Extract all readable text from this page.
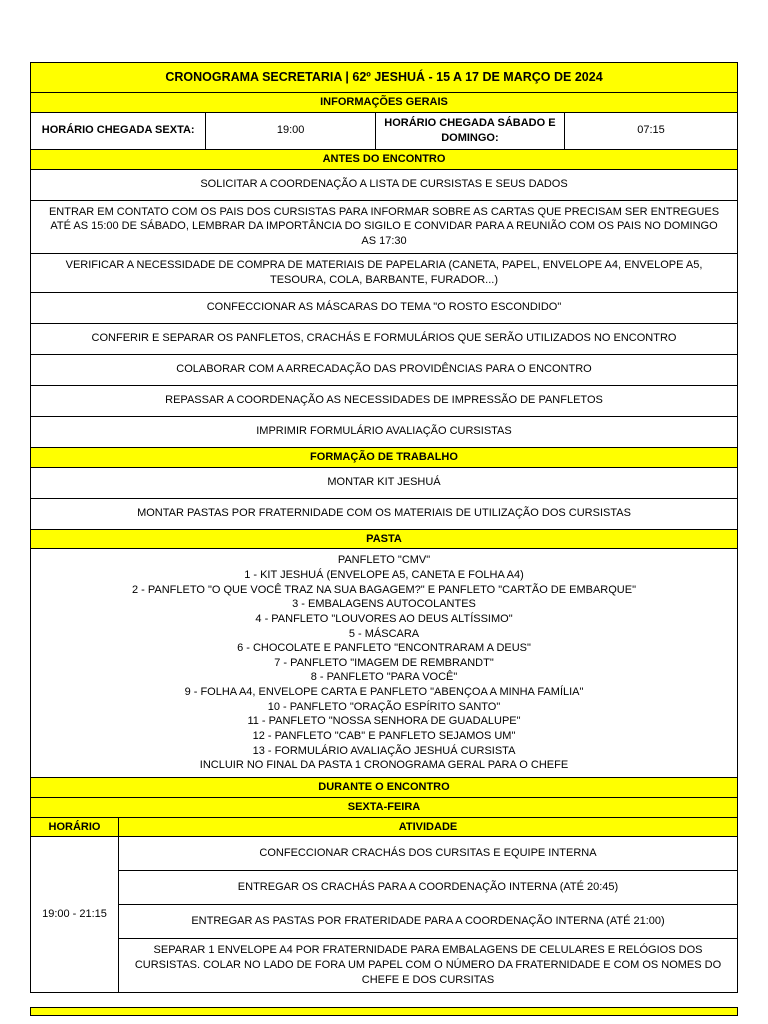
CRONOGRAMA SECRETARIA | 62º JESHUÁ - 15 A 17 DE MARÇO DE 2024
INFORMAÇÕES GERAIS
HORÁRIO CHEGADA SEXTA:	19:00
HORÁRIO CHEGADA SÁBADO E DOMINGO:
07:15
ANTES DO ENCONTRO
SOLICITAR A COORDENAÇÃO A LISTA DE CURSISTAS E SEUS DADOS
ENTRAR EM CONTATO COM OS PAIS DOS CURSISTAS PARA INFORMAR SOBRE AS CARTAS QUE PRECISAM SER ENTREGUES ATÉ AS 15:00 DE SÁBADO, LEMBRAR DA IMPORTÂNCIA DO SIGILO E CONVIDAR PARA A REUNIÃO COM OS PAIS NO DOMINGO AS 17:30
VERIFICAR A NECESSIDADE DE COMPRA DE MATERIAIS DE PAPELARIA (CANETA, PAPEL, ENVELOPE A4, ENVELOPE A5, TESOURA, COLA, BARBANTE, FURADOR...)
CONFECCIONAR AS MÁSCARAS DO TEMA "O ROSTO ESCONDIDO"
CONFERIR E SEPARAR OS PANFLETOS, CRACHÁS E FORMULÁRIOS QUE SERÃO UTILIZADOS NO ENCONTRO
COLABORAR COM A ARRECADAÇÃO DAS PROVIDÊNCIAS PARA O ENCONTRO
REPASSAR A COORDENAÇÃO AS NECESSIDADES DE IMPRESSÃO DE PANFLETOS
IMPRIMIR FORMULÁRIO AVALIAÇÃO CURSISTAS
FORMAÇÃO DE TRABALHO
MONTAR KIT JESHUÁ
MONTAR PASTAS POR FRATERNIDADE COM OS MATERIAIS DE UTILIZAÇÃO DOS CURSISTAS
PASTA
PANFLETO "CMV"
1 - KIT JESHUÁ (ENVELOPE A5, CANETA E FOLHA A4)
2 - PANFLETO "O QUE VOCÊ TRAZ NA SUA BAGAGEM?" E PANFLETO "CARTÃO DE EMBARQUE"
3 - EMBALAGENS AUTOCOLANTES
4 - PANFLETO "LOUVORES AO DEUS ALTÍSSIMO"
5 - MÁSCARA
6 - CHOCOLATE E PANFLETO "ENCONTRARAM A DEUS"
7 - PANFLETO "IMAGEM DE REMBRANDT"
8 - PANFLETO "PARA VOCÊ"
9 - FOLHA A4, ENVELOPE CARTA E PANFLETO "ABENÇOA A MINHA FAMÍLIA"
10 - PANFLETO "ORAÇÃO ESPÍRITO SANTO"
11 - PANFLETO "NOSSA SENHORA DE GUADALUPE"
12 - PANFLETO "CAB" E PANFLETO SEJAMOS UM"
13 - FORMULÁRIO AVALIAÇÃO JESHUÁ CURSISTA
INCLUIR NO FINAL DA PASTA 1 CRONOGRAMA GERAL PARA O CHEFE
DURANTE O ENCONTRO
SEXTA-FEIRA
HORÁRIO	ATIVIDADE
19:00 - 21:15
CONFECCIONAR CRACHÁS DOS CURSITAS E EQUIPE INTERNA
ENTREGAR OS CRACHÁS PARA A COORDENAÇÃO INTERNA (ATÉ 20:45)
ENTREGAR AS PASTAS POR FRATERIDADE PARA A COORDENAÇÃO INTERNA (ATÉ 21:00)
SEPARAR 1 ENVELOPE A4 POR FRATERNIDADE PARA EMBALAGENS DE CELULARES E RELÓGIOS DOS CURSISTAS. COLAR NO LADO DE FORA UM PAPEL COM O NÚMERO DA FRATERNIDADE E COM OS NOMES DO CHEFE E DOS CURSITAS
